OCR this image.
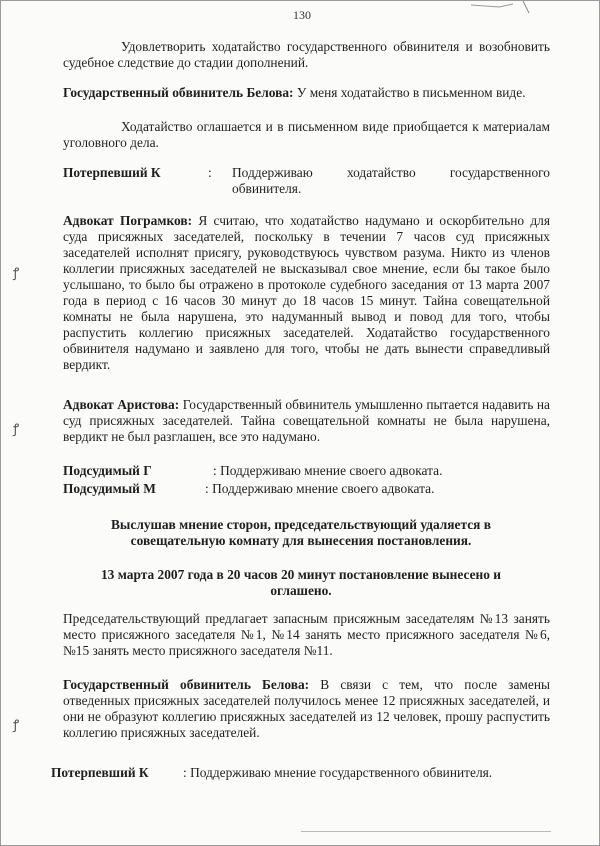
130
Удовлетворить ходатайство государственного обвинителя и возобновить судебное следствие до стадии дополнений.
Государственный обвинитель Белова: У меня ходатайство в письменном виде.
Ходатайство оглашается и в письменном виде приобщается к материалам уголовного дела.
Потерпевший К	:	Поддерживаю ходатайство государственного обвинителя.
Адвокат Пограмков: Я считаю, что ходатайство надумано и оскорбительно для суда присяжных заседателей, поскольку в течении 7 часов суд присяжных заседателей исполнят присягу, руководствуюсь чувством разума. Никто из членов коллегии присяжных заседателей не высказывал свое мнение, если бы такое было услышано, то было бы отражено в протоколе судебного заседания от 13 марта 2007 года в период с 16 часов 30 минут до 18 часов 15 минут. Тайна совещательной комнаты не была нарушена, это надуманный вывод и повод для того, чтобы распустить коллегию присяжных заседателей. Ходатайство государственного обвинителя надумано и заявлено для того, чтобы не дать вынести справедливый вердикт.
Адвокат Аристова: Государственный обвинитель умышленно пытается надавить на суд присяжных заседателей. Тайна совещательной комнаты не была нарушена, вердикт не был разглашен, все это надумано.
Подсудимый Г	: Поддерживаю мнение своего адвоката.
Подсудимый М	: Поддерживаю мнение своего адвоката.
Выслушав мнение сторон, председательствующий удаляется в совещательную комнату для вынесения постановления.
13 марта 2007 года в 20 часов 20 минут постановление вынесено и оглашено.
Председательствующий предлагает запасным присяжным заседателям №13 занять место присяжного заседателя №1, №14 занять место присяжного заседателя №6, №15 занять место присяжного заседателя №11.
Государственный обвинитель Белова: В связи с тем, что после замены отведенных присяжных заседателей получилось менее 12 присяжных заседателей, и они не образуют коллегию присяжных заседателей из 12 человек, прошу распустить коллегию присяжных заседателей.
Потерпевший К	: Поддерживаю мнение государственного обвинителя.
ꝭ
ꝭ
ꝭ
